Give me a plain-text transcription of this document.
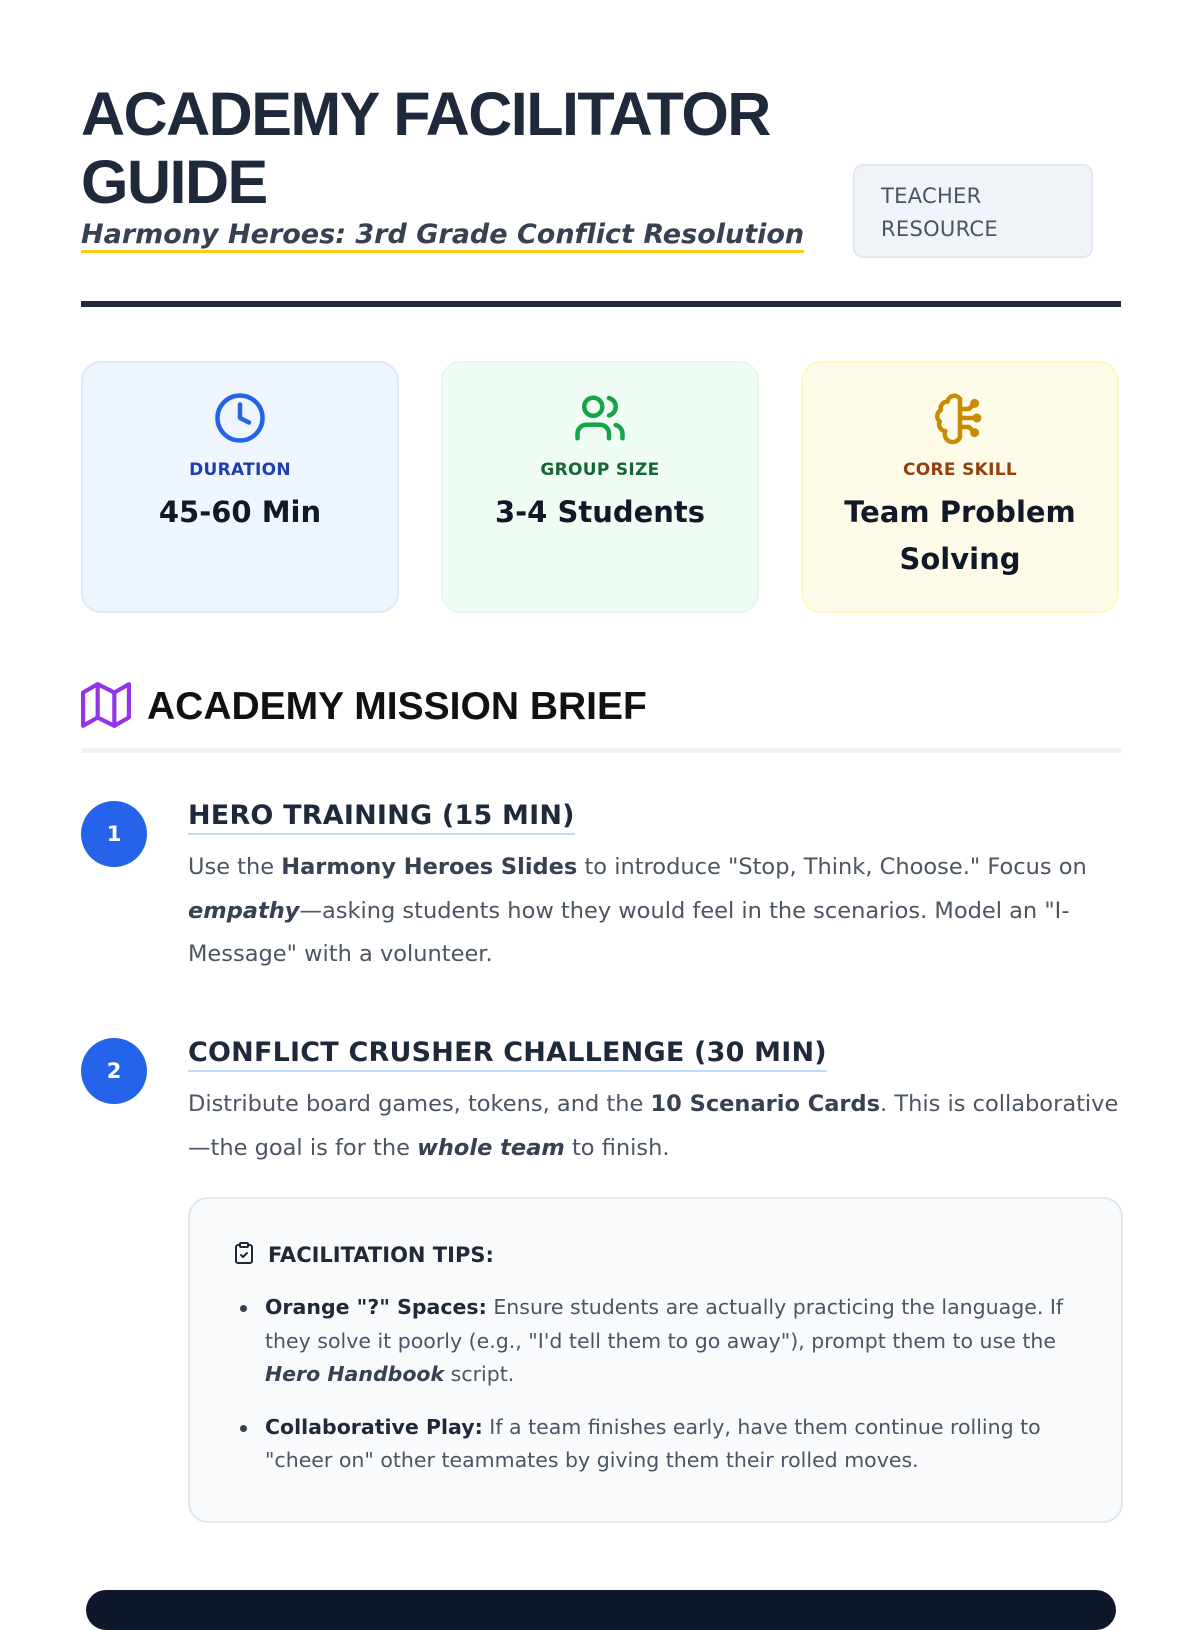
ACADEMY FACILITATOR GUIDE
Harmony Heroes: 3rd Grade Conflict Resolution
TEACHER RESOURCE
DURATION
45-60 Min
GROUP SIZE
3-4 Students
CORE SKILL
Team Problem Solving
ACADEMY MISSION BRIEF
1
HERO TRAINING (15 MIN)
Use the Harmony Heroes Slides to introduce "Stop, Think, Choose." Focus on empathy—asking students how they would feel in the scenarios. Model an "I-Message" with a volunteer.
2
CONFLICT CRUSHER CHALLENGE (30 MIN)
Distribute board games, tokens, and the 10 Scenario Cards. This is collaborative—the goal is for the whole team to finish.
FACILITATION TIPS:
Orange "?" Spaces: Ensure students are actually practicing the language. If they solve it poorly (e.g., "I'd tell them to go away"), prompt them to use the Hero Handbook script.
Collaborative Play: If a team finishes early, have them continue rolling to "cheer on" other teammates by giving them their rolled moves.
